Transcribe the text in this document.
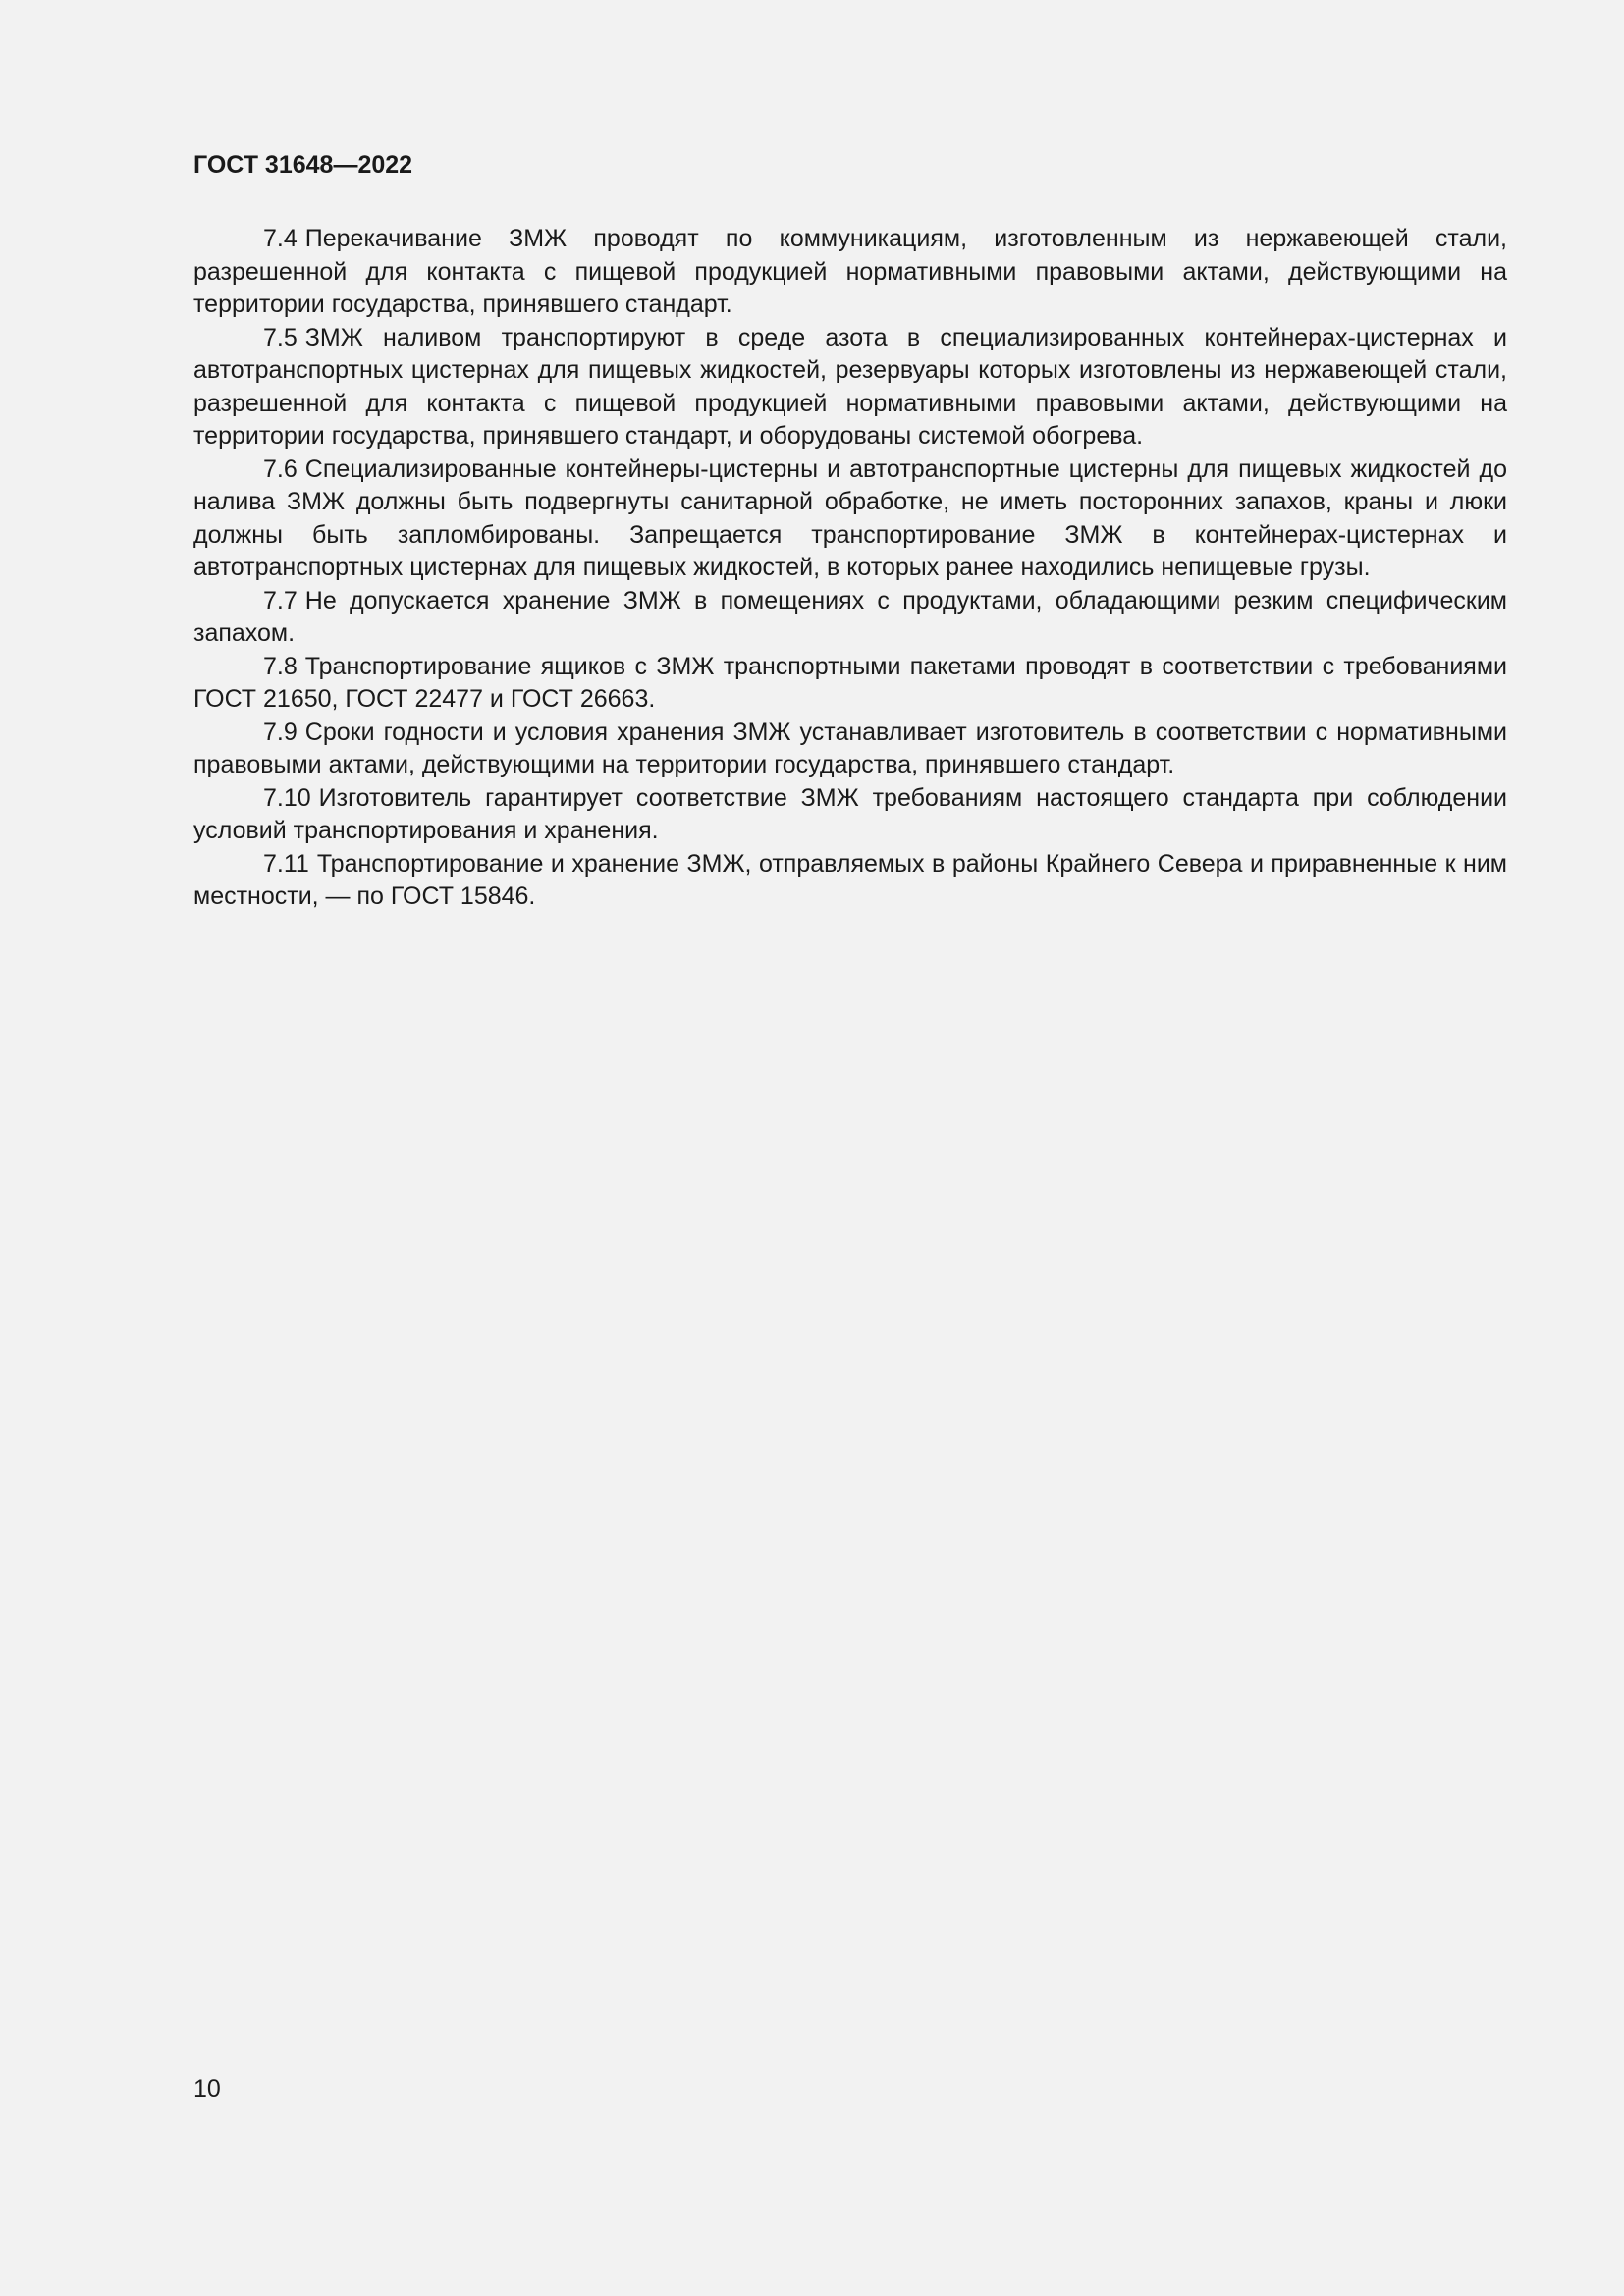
ГОСТ 31648—2022

7.4 Перекачивание ЗМЖ проводят по коммуникациям, изготовленным из нержавеющей стали, разрешенной для контакта с пищевой продукцией нормативными правовыми актами, действующими на территории государства, принявшего стандарт.

7.5 ЗМЖ наливом транспортируют в среде азота в специализированных контейнерах-цистернах и автотранспортных цистернах для пищевых жидкостей, резервуары которых изготовлены из нержавеющей стали, разрешенной для контакта с пищевой продукцией нормативными правовыми актами, действующими на территории государства, принявшего стандарт, и оборудованы системой обогрева.

7.6 Специализированные контейнеры-цистерны и автотранспортные цистерны для пищевых жидкостей до налива ЗМЖ должны быть подвергнуты санитарной обработке, не иметь посторонних запахов, краны и люки должны быть запломбированы. Запрещается транспортирование ЗМЖ в контейнерах-цистернах и автотранспортных цистернах для пищевых жидкостей, в которых ранее находились непищевые грузы.

7.7 Не допускается хранение ЗМЖ в помещениях с продуктами, обладающими резким специфическим запахом.

7.8 Транспортирование ящиков с ЗМЖ транспортными пакетами проводят в соответствии с требованиями ГОСТ 21650, ГОСТ 22477 и ГОСТ 26663.

7.9 Сроки годности и условия хранения ЗМЖ устанавливает изготовитель в соответствии с нормативными правовыми актами, действующими на территории государства, принявшего стандарт.

7.10 Изготовитель гарантирует соответствие ЗМЖ требованиям настоящего стандарта при соблюдении условий транспортирования и хранения.

7.11 Транспортирование и хранение ЗМЖ, отправляемых в районы Крайнего Севера и приравненные к ним местности, — по ГОСТ 15846.

10
